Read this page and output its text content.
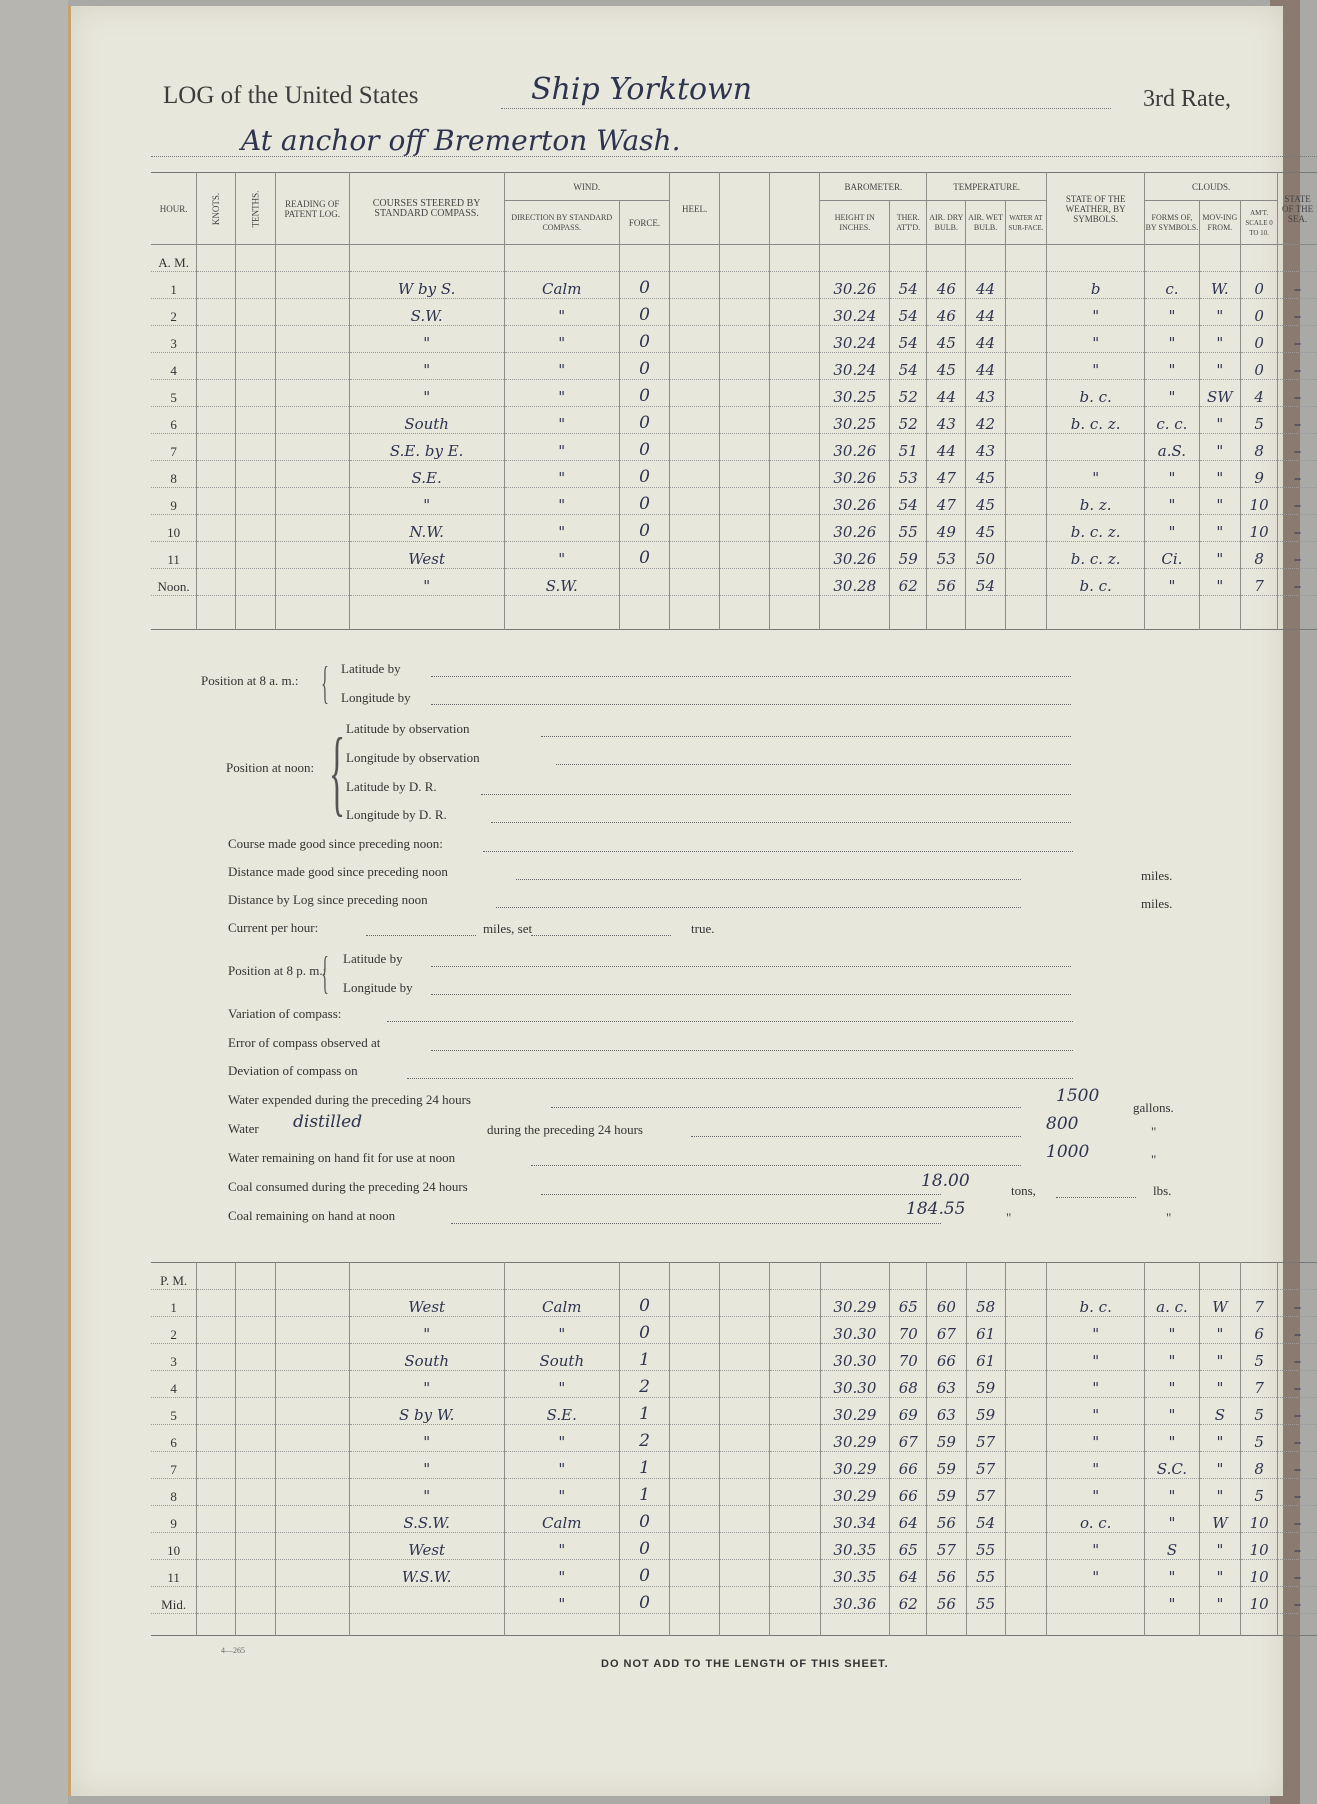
LOG of the United States	Ship Yorktown	3rd Rate,
At anchor off Bremerton Wash.
HOUR.	KNOTS.	TENTHS.	READING OF PATENT LOG.	COURSES STEERED BY STANDARD COMPASS.	WIND.		HEEL.			BAROMETER.		TEMPERATURE.			STATE OF THE WEATHER, BY SYMBOLS.	CLOUDS.			STATE OF THE SEA.
					DIRECTION BY STANDARD COMPASS.	FORCE.				HEIGHT IN INCHES.	THER. ATT'D.	AIR. DRY BULB.	AIR. WET BULB.	WATER AT SUR-FACE.		FORMS OF, BY SYMBOLS.	MOV-ING FROM.	AM'T. SCALE 0 TO 10.	
A. M.																			
1				W by S.	Calm	0				30.26	54	46	44		b	c.	W.	0	–
2				S.W.	"	0				30.24	54	46	44		"	"	"	0	–
3				"	"	0				30.24	54	45	44		"	"	"	0	–
4				"	"	0				30.24	54	45	44		"	"	"	0	–
5				"	"	0				30.25	52	44	43		b. c.	"	SW	4	–
6				South	"	0				30.25	52	43	42		b. c. z.	c. c.	"	5	–
7				S.E. by E.	"	0				30.26	51	44	43			a.S.	"	8	–
8				S.E.	"	0				30.26	53	47	45		"	"	"	9	–
9				"	"	0				30.26	54	47	45		b. z.	"	"	10	–
10				N.W.	"	0				30.26	55	49	45		b. c. z.	"	"	10	–
11				West	"	0				30.26	59	53	50		b. c. z.	Ci.	"	8	–
Noon.				"	S.W.					30.28	62	56	54		b. c.	"	"	7	–

Position at 8 a. m.: { Latitude by
Longitude by
Position at noon: { Latitude by observation
Longitude by observation
Latitude by D. R.
Longitude by D. R.
Course made good since preceding noon:
Distance made good since preceding noon	miles.
Distance by Log since preceding noon	miles.
Current per hour:	miles, set	true.
Position at 8 p. m.:
{ Latitude by
Longitude by
Variation of compass:
Error of compass observed at
Deviation of compass on
Water expended during the preceding 24 hours	1500
gallons.
Water distilled	during the preceding 24 hours	800	"
Water remaining on hand fit for use at noon	1000	"
Coal consumed during the preceding 24 hours	18.00	tons,	lbs.
Coal remaining on hand at noon	184.55	"	"
P. M.																			
1				West	Calm	0				30.29	65	60	58		b. c.	a. c.	W	7	–
2				"	"	0				30.30	70	67	61		"	"	"	6	–
3				South	South	1				30.30	70	66	61		"	"	"	5	–
4				"	"	2				30.30	68	63	59		"	"	"	7	–
5				S by W.	S.E.	1				30.29	69	63	59		"	"	S	5	–
6				"	"	2				30.29	67	59	57		"	"	"	5	–
7				"	"	1				30.29	66	59	57		"	S.C.	"	8	–
8				"	"	1				30.29	66	59	57		"	"	"	5	–
9				S.S.W.	Calm	0				30.34	64	56	54		o. c.	"	W	10	–
10				West	"	0				30.35	65	57	55		"	S	"	10	–
11				W.S.W.	"	0				30.35	64	56	55		"	"	"	10	–
Mid.					"	0				30.36	62	56	55			"	"	10	–

4—265
DO NOT ADD TO THE LENGTH OF THIS SHEET.
